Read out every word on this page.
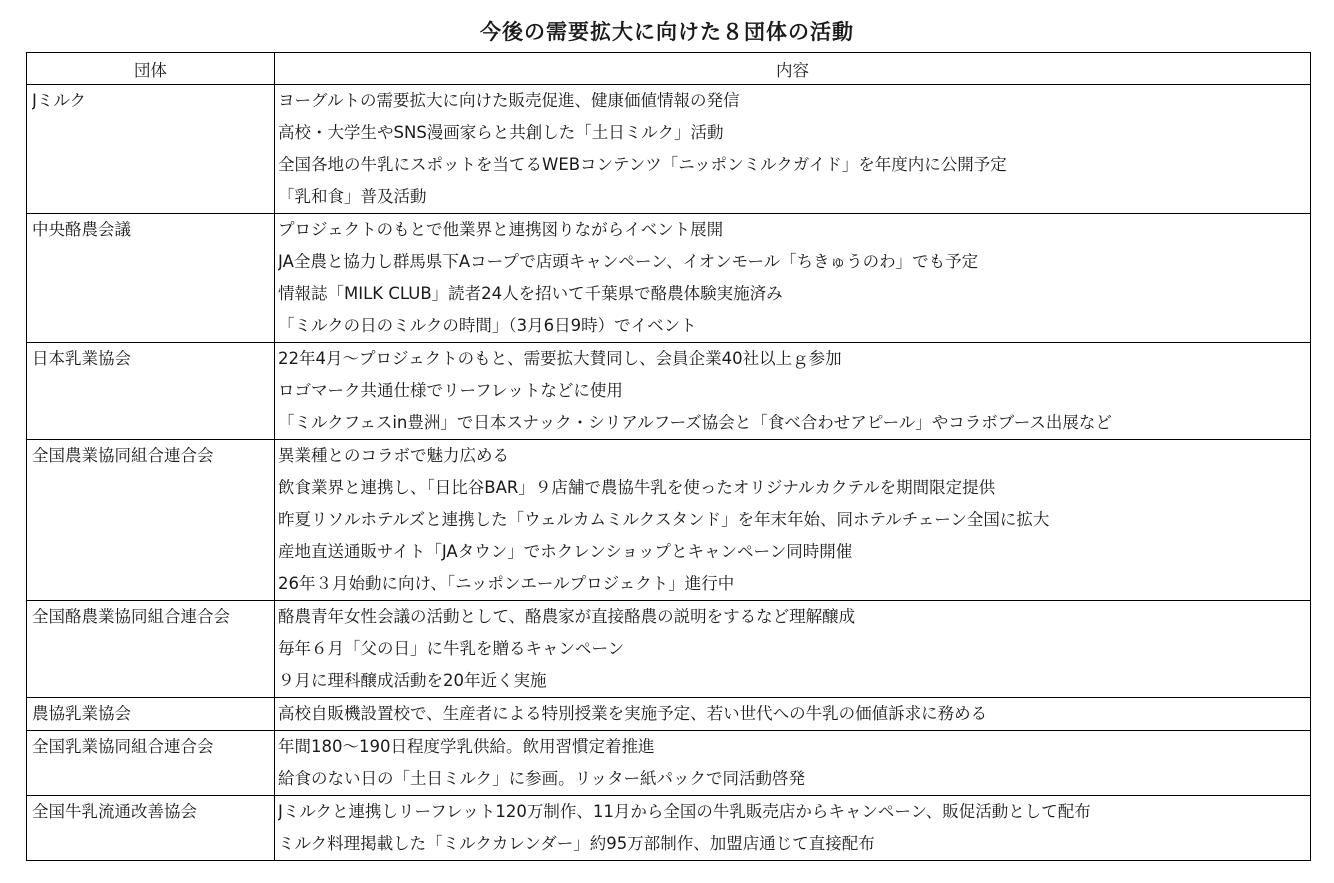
今後の需要拡大に向けた８団体の活動
団体	内容

Jミルク	ヨーグルトの需要拡大に向けた販売促進、健康価値情報の発信
高校・大学生やSNS漫画家らと共創した「土日ミルク」活動
全国各地の牛乳にスポットを当てるWEBコンテンツ「ニッポンミルクガイド」を年度内に公開予定
「乳和食」普及活動

中央酪農会議	プロジェクトのもとで他業界と連携図りながらイベント展開
JA全農と協力し群馬県下Aコープで店頭キャンペーン、イオンモール「ちきゅうのわ」でも予定
情報誌「MILK CLUB」読者24人を招いて千葉県で酪農体験実施済み
「ミルクの日のミルクの時間」（3月6日9時）でイベント

日本乳業協会	22年4月～プロジェクトのもと、需要拡大賛同し、会員企業40社以上ｇ参加
ロゴマーク共通仕様でリーフレットなどに使用
「ミルクフェスin豊洲」で日本スナック・シリアルフーズ協会と「食べ合わせアピール」やコラボブース出展など

全国農業協同組合連合会	異業種とのコラボで魅力広める
飲食業界と連携し、「日比谷BAR」９店舗で農協牛乳を使ったオリジナルカクテルを期間限定提供
昨夏リソルホテルズと連携した「ウェルカムミルクスタンド」を年末年始、同ホテルチェーン全国に拡大
産地直送通販サイト「JAタウン」でホクレンショップとキャンペーン同時開催
26年３月始動に向け、「ニッポンエールプロジェクト」進行中

全国酪農業協同組合連合会	酪農青年女性会議の活動として、酪農家が直接酪農の説明をするなど理解醸成
毎年６月「父の日」に牛乳を贈るキャンペーン
９月に理科醸成活動を20年近く実施

農協乳業協会	高校自販機設置校で、生産者による特別授業を実施予定、若い世代への牛乳の価値訴求に務める

全国乳業協同組合連合会	年間180～190日程度学乳供給。飲用習慣定着推進
給食のない日の「土日ミルク」に参画。リッター紙パックで同活動啓発

全国牛乳流通改善協会	Jミルクと連携しリーフレット120万制作、11月から全国の牛乳販売店からキャンペーン、販促活動として配布
ミルク料理掲載した「ミルクカレンダー」約95万部制作、加盟店通じて直接配布
